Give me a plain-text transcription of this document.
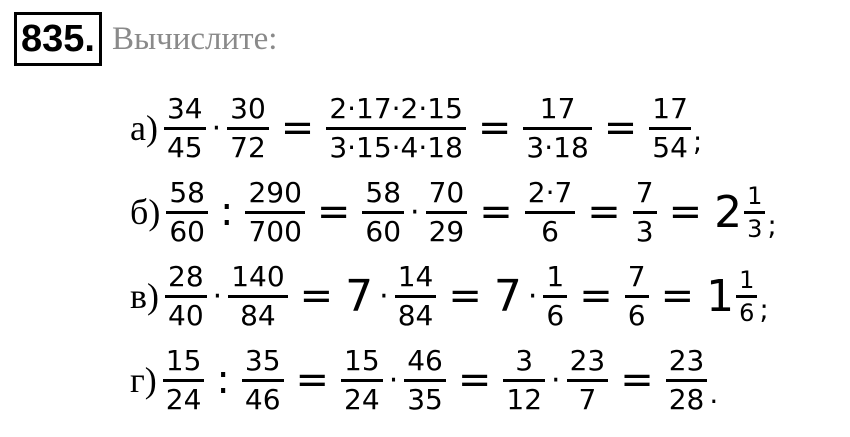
835. Вычислите:
$а) \frac{34}{45} \cdot \frac{30}{72} = \frac{2\cdot 17\cdot 2\cdot 15}{3\cdot 15\cdot 4\cdot 18} = \frac{17}{3\cdot 18} = \frac{17}{54}$ ;
$б) \frac{58}{60}$ : $\frac{290}{700} = \frac{58}{60} \cdot \frac{70}{29} = \frac{2\cdot 7}{6} = \frac{7}{3} = 2 \frac{1}{3}$ ;
$в) \frac{28}{40} \cdot \frac{140}{84} = 7 \cdot \frac{14}{84} = 7 \cdot \frac{1}{6} = \frac{7}{6} = 1 \frac{1}{6}$ ;
$г) \frac{15}{24}$ : $\frac{35}{46} = \frac{15}{24} \cdot \frac{46}{35} = \frac{3}{12} \cdot \frac{23}{7} = \frac{23}{28}$ .
